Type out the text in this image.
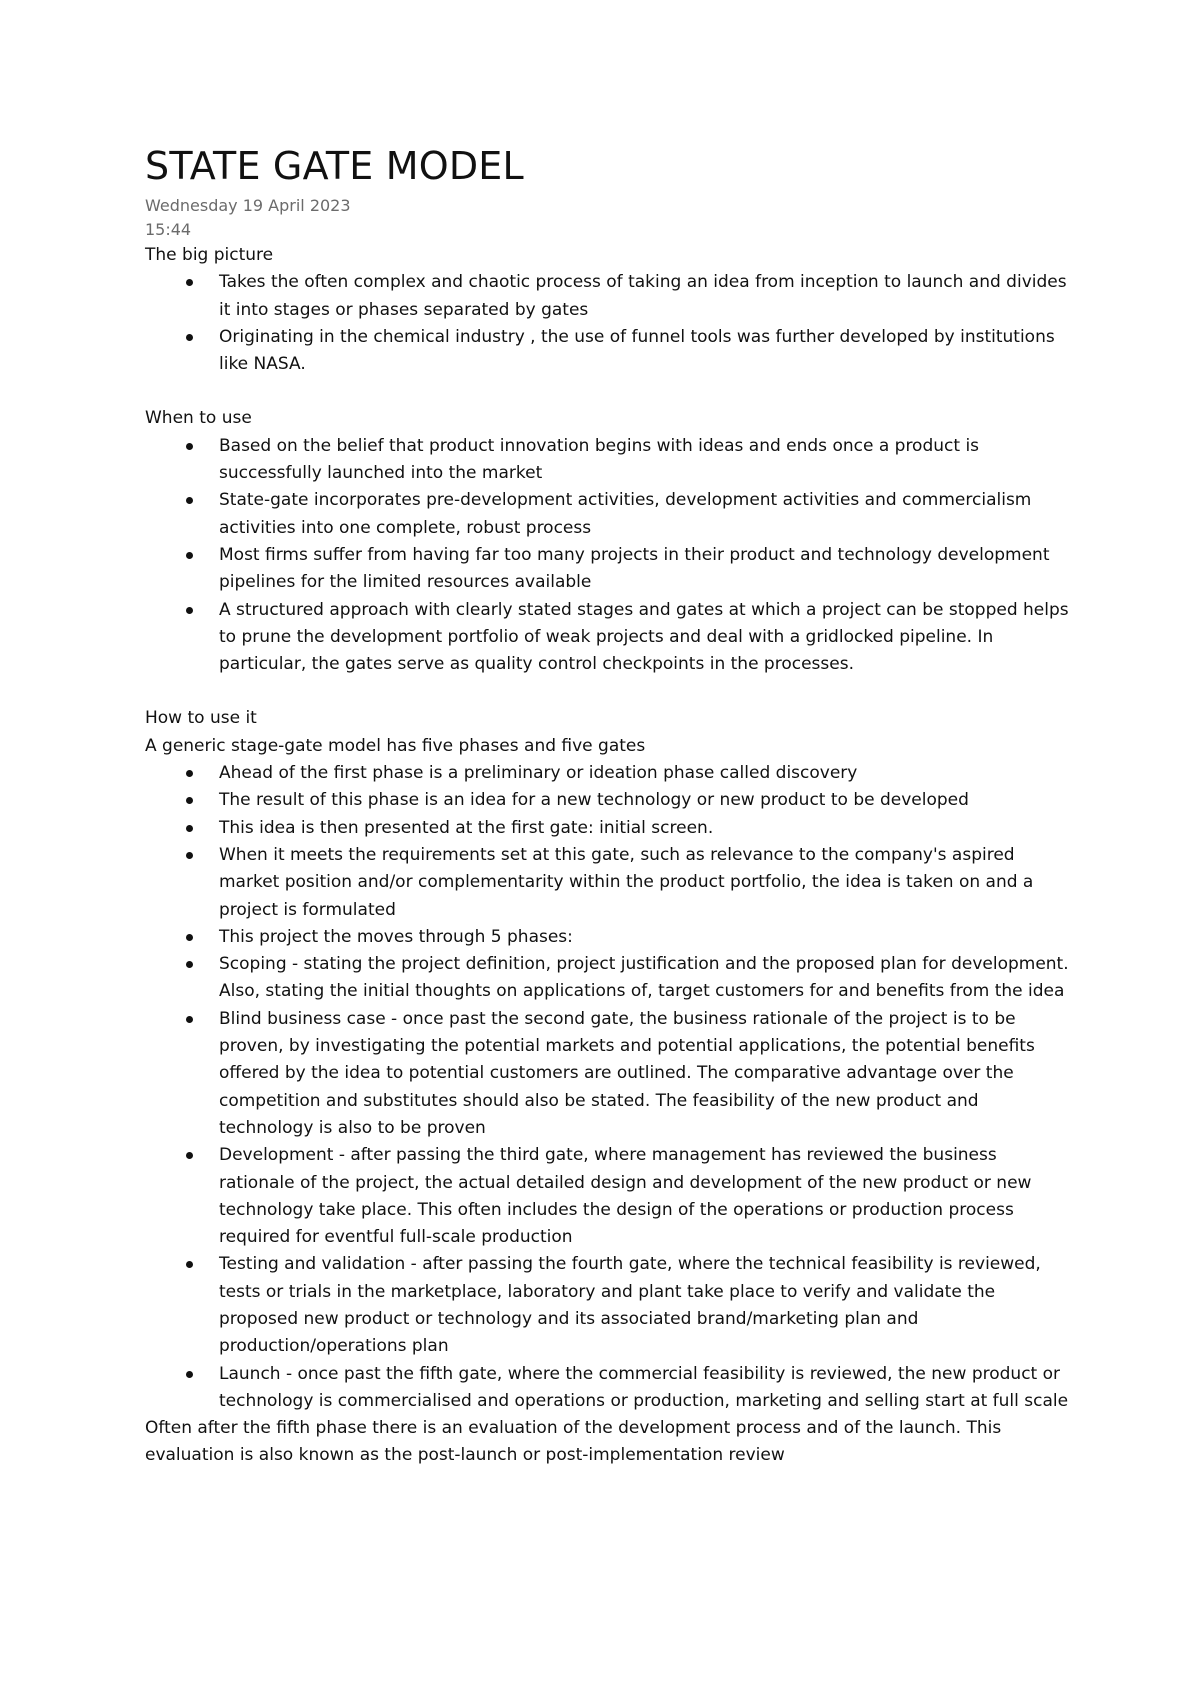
STATE GATE MODEL
Wednesday 19 April 2023
15:44
The big picture
Takes the often complex and chaotic process of taking an idea from inception to launch and divides it into stages or phases separated by gates
Originating in the chemical industry , the use of funnel tools was further developed by institutions like NASA.
When to use
Based on the belief that product innovation begins with ideas and ends once a product is successfully launched into the market
State-gate incorporates pre-development activities, development activities and commercialism activities into one complete, robust process
Most firms suffer from having far too many projects in their product and technology development pipelines for the limited resources available
A structured approach with clearly stated stages and gates at which a project can be stopped helps to prune the development portfolio of weak projects and deal with a gridlocked pipeline. In particular, the gates serve as quality control checkpoints in the processes.
How to use it
A generic stage-gate model has five phases and five gates
Ahead of the first phase is a preliminary or ideation phase called discovery
The result of this phase is an idea for a new technology or new product to be developed
This idea is then presented at the first gate: initial screen.
When it meets the requirements set at this gate, such as relevance to the company's aspired market position and/or complementarity within the product portfolio, the idea is taken on and a project is formulated
This project the moves through 5 phases:
Scoping - stating the project definition, project justification and the proposed plan for development. Also, stating the initial thoughts on applications of, target customers for and benefits from the idea
Blind business case - once past the second gate, the business rationale of the project is to be proven, by investigating the potential markets and potential applications, the potential benefits offered by the idea to potential customers are outlined. The comparative advantage over the competition and substitutes should also be stated. The feasibility of the new product and technology is also to be proven
Development - after passing the third gate, where management has reviewed the business rationale of the project, the actual detailed design and development of the new product or new technology take place. This often includes the design of the operations or production process required for eventful full-scale production
Testing and validation - after passing the fourth gate, where the technical feasibility is reviewed, tests or trials in the marketplace, laboratory and plant take place to verify and validate the proposed new product or technology and its associated brand/marketing plan and production/operations plan
Launch - once past the fifth gate, where the commercial feasibility is reviewed, the new product or technology is commercialised and operations or production, marketing and selling start at full scale
Often after the fifth phase there is an evaluation of the development process and of the launch. This evaluation is also known as the post-launch or post-implementation review
